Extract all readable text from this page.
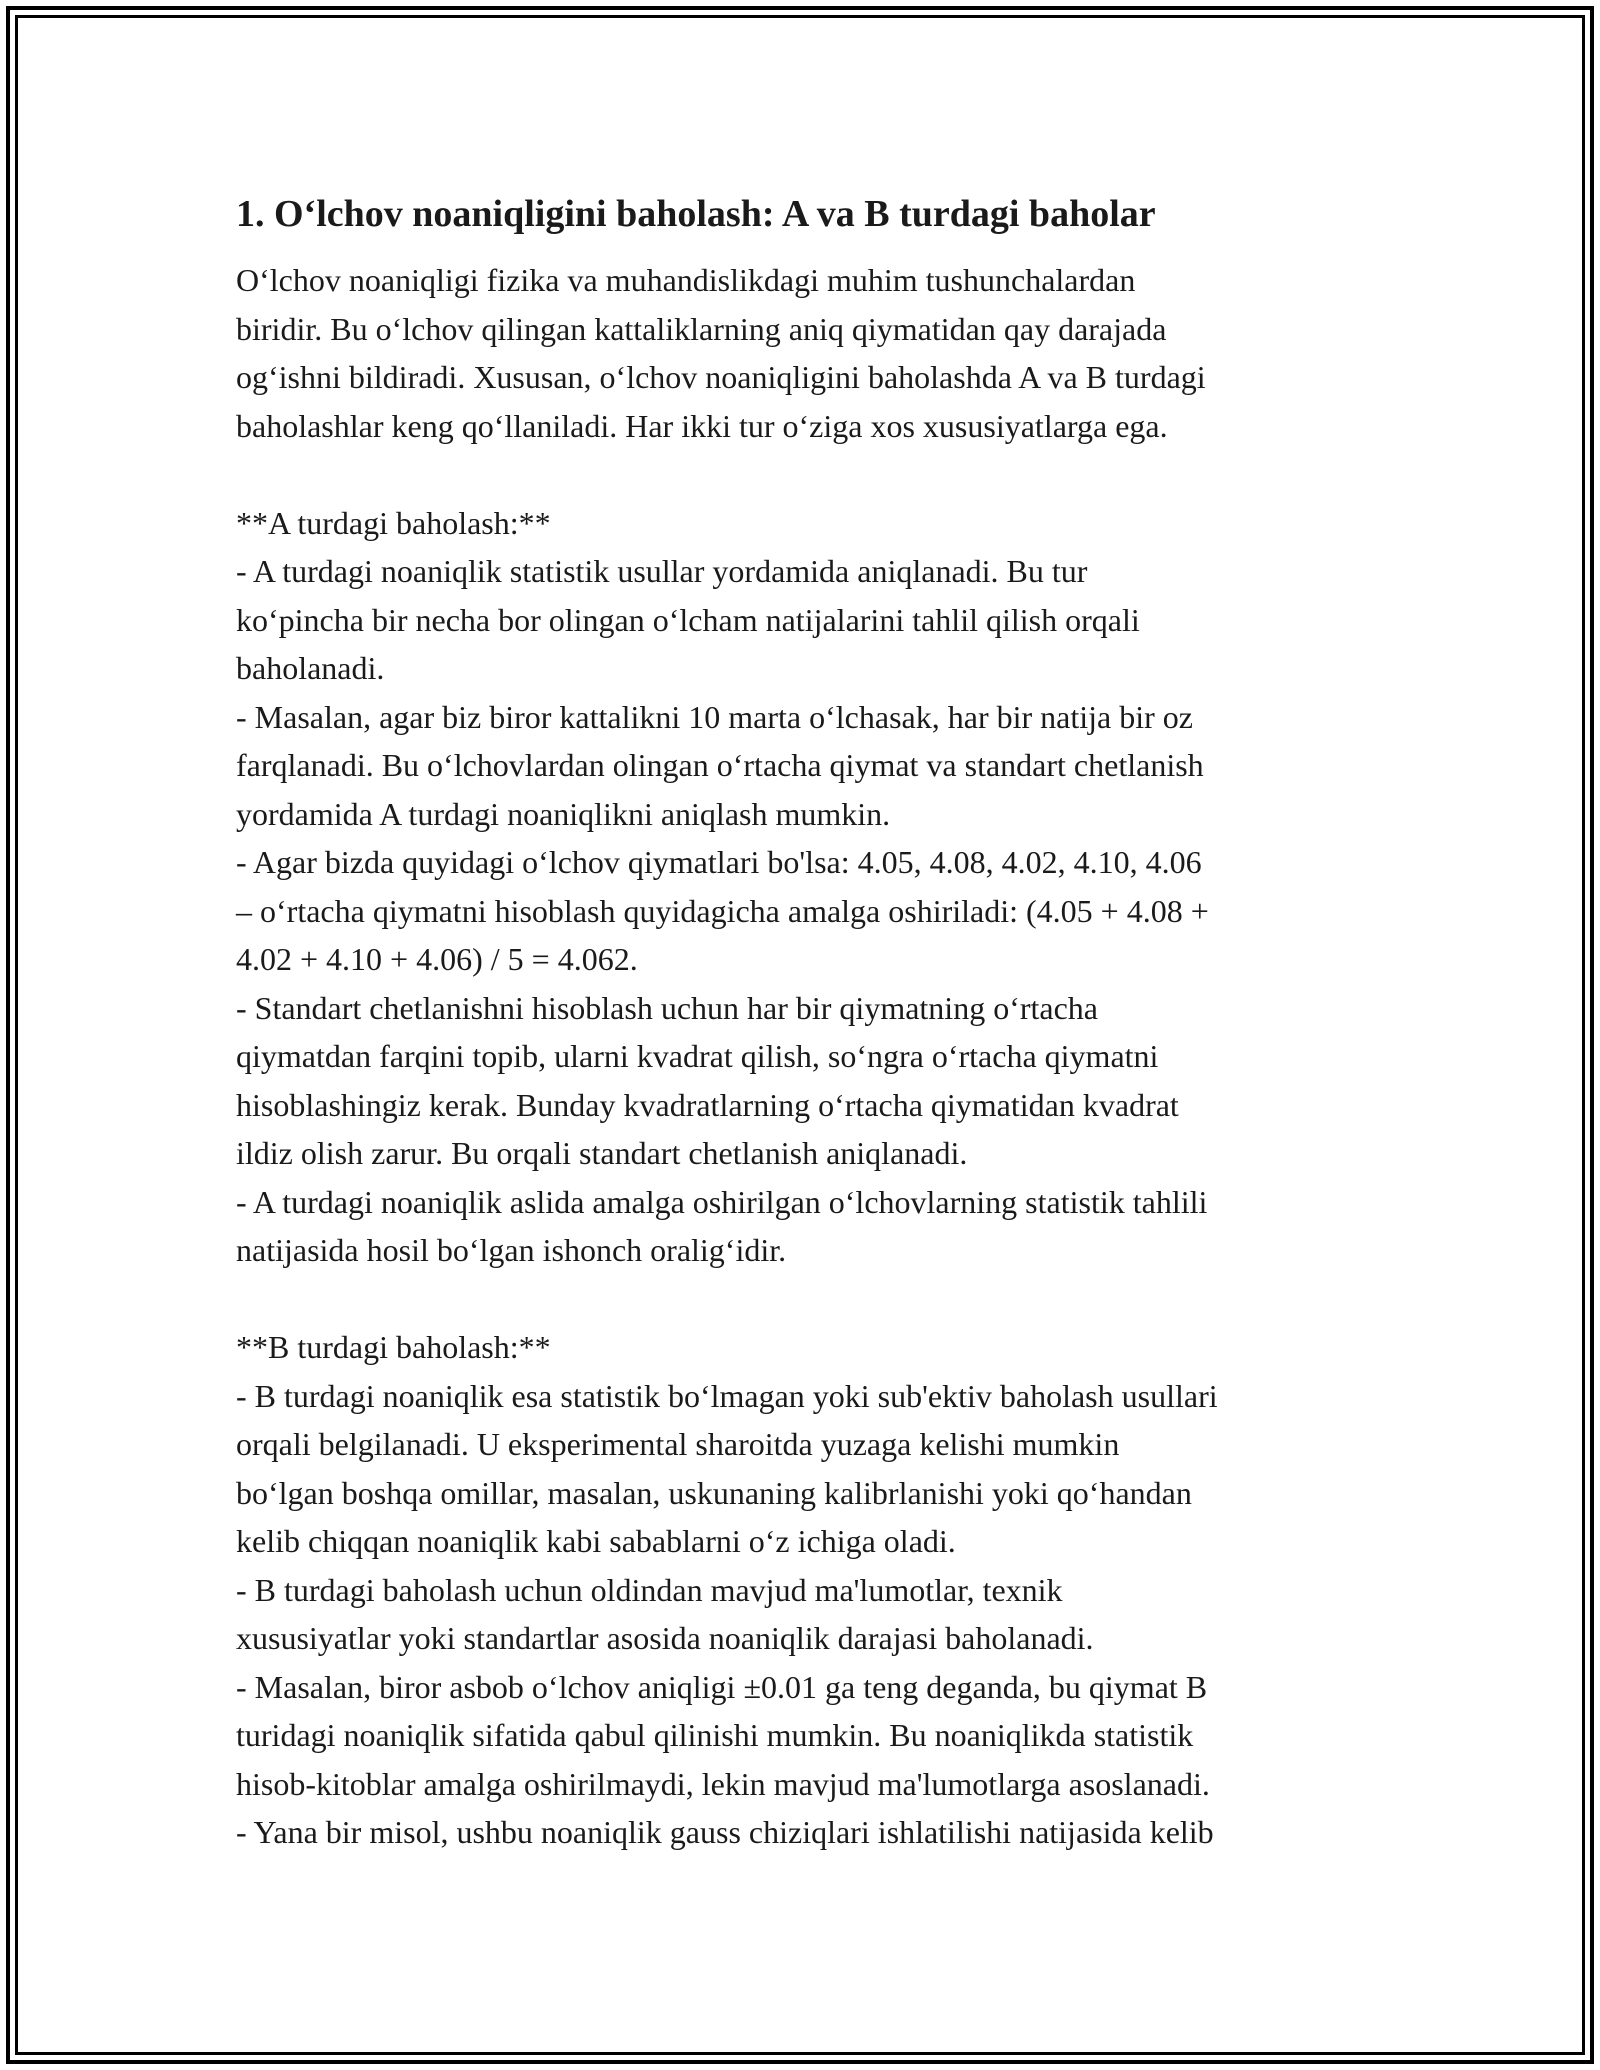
1. O‘lchov noaniqligini baholash: A va B turdagi baholar

O‘lchov noaniqligi fizika va muhandislikdagi muhim tushunchalardan

biridir. Bu o‘lchov qilingan kattaliklarning aniq qiymatidan qay darajada

og‘ishni bildiradi. Xususan, o‘lchov noaniqligini baholashda A va B turdagi

baholashlar keng qo‘llaniladi. Har ikki tur o‘ziga xos xususiyatlarga ega.

**A turdagi baholash:**

- A turdagi noaniqlik statistik usullar yordamida aniqlanadi. Bu tur

ko‘pincha bir necha bor olingan o‘lcham natijalarini tahlil qilish orqali

baholanadi.

- Masalan, agar biz biror kattalikni 10 marta o‘lchasak, har bir natija bir oz

farqlanadi. Bu o‘lchovlardan olingan o‘rtacha qiymat va standart chetlanish

yordamida A turdagi noaniqlikni aniqlash mumkin.

- Agar bizda quyidagi o‘lchov qiymatlari bo'lsa: 4.05, 4.08, 4.02, 4.10, 4.06

– o‘rtacha qiymatni hisoblash quyidagicha amalga oshiriladi: (4.05 + 4.08 +

4.02 + 4.10 + 4.06) / 5 = 4.062.

- Standart chetlanishni hisoblash uchun har bir qiymatning o‘rtacha

qiymatdan farqini topib, ularni kvadrat qilish, so‘ngra o‘rtacha qiymatni

hisoblashingiz kerak. Bunday kvadratlarning o‘rtacha qiymatidan kvadrat

ildiz olish zarur. Bu orqali standart chetlanish aniqlanadi.

- A turdagi noaniqlik aslida amalga oshirilgan o‘lchovlarning statistik tahlili

natijasida hosil bo‘lgan ishonch oralig‘idir.

**B turdagi baholash:**

- B turdagi noaniqlik esa statistik bo‘lmagan yoki sub'ektiv baholash usullari

orqali belgilanadi. U eksperimental sharoitda yuzaga kelishi mumkin

bo‘lgan boshqa omillar, masalan, uskunaning kalibrlanishi yoki qo‘handan

kelib chiqqan noaniqlik kabi sabablarni o‘z ichiga oladi.

- B turdagi baholash uchun oldindan mavjud ma'lumotlar, texnik

xususiyatlar yoki standartlar asosida noaniqlik darajasi baholanadi.

- Masalan, biror asbob o‘lchov aniqligi ±0.01 ga teng deganda, bu qiymat B

turidagi noaniqlik sifatida qabul qilinishi mumkin. Bu noaniqlikda statistik

hisob-kitoblar amalga oshirilmaydi, lekin mavjud ma'lumotlarga asoslanadi.

- Yana bir misol, ushbu noaniqlik gauss chiziqlari ishlatilishi natijasida kelib
